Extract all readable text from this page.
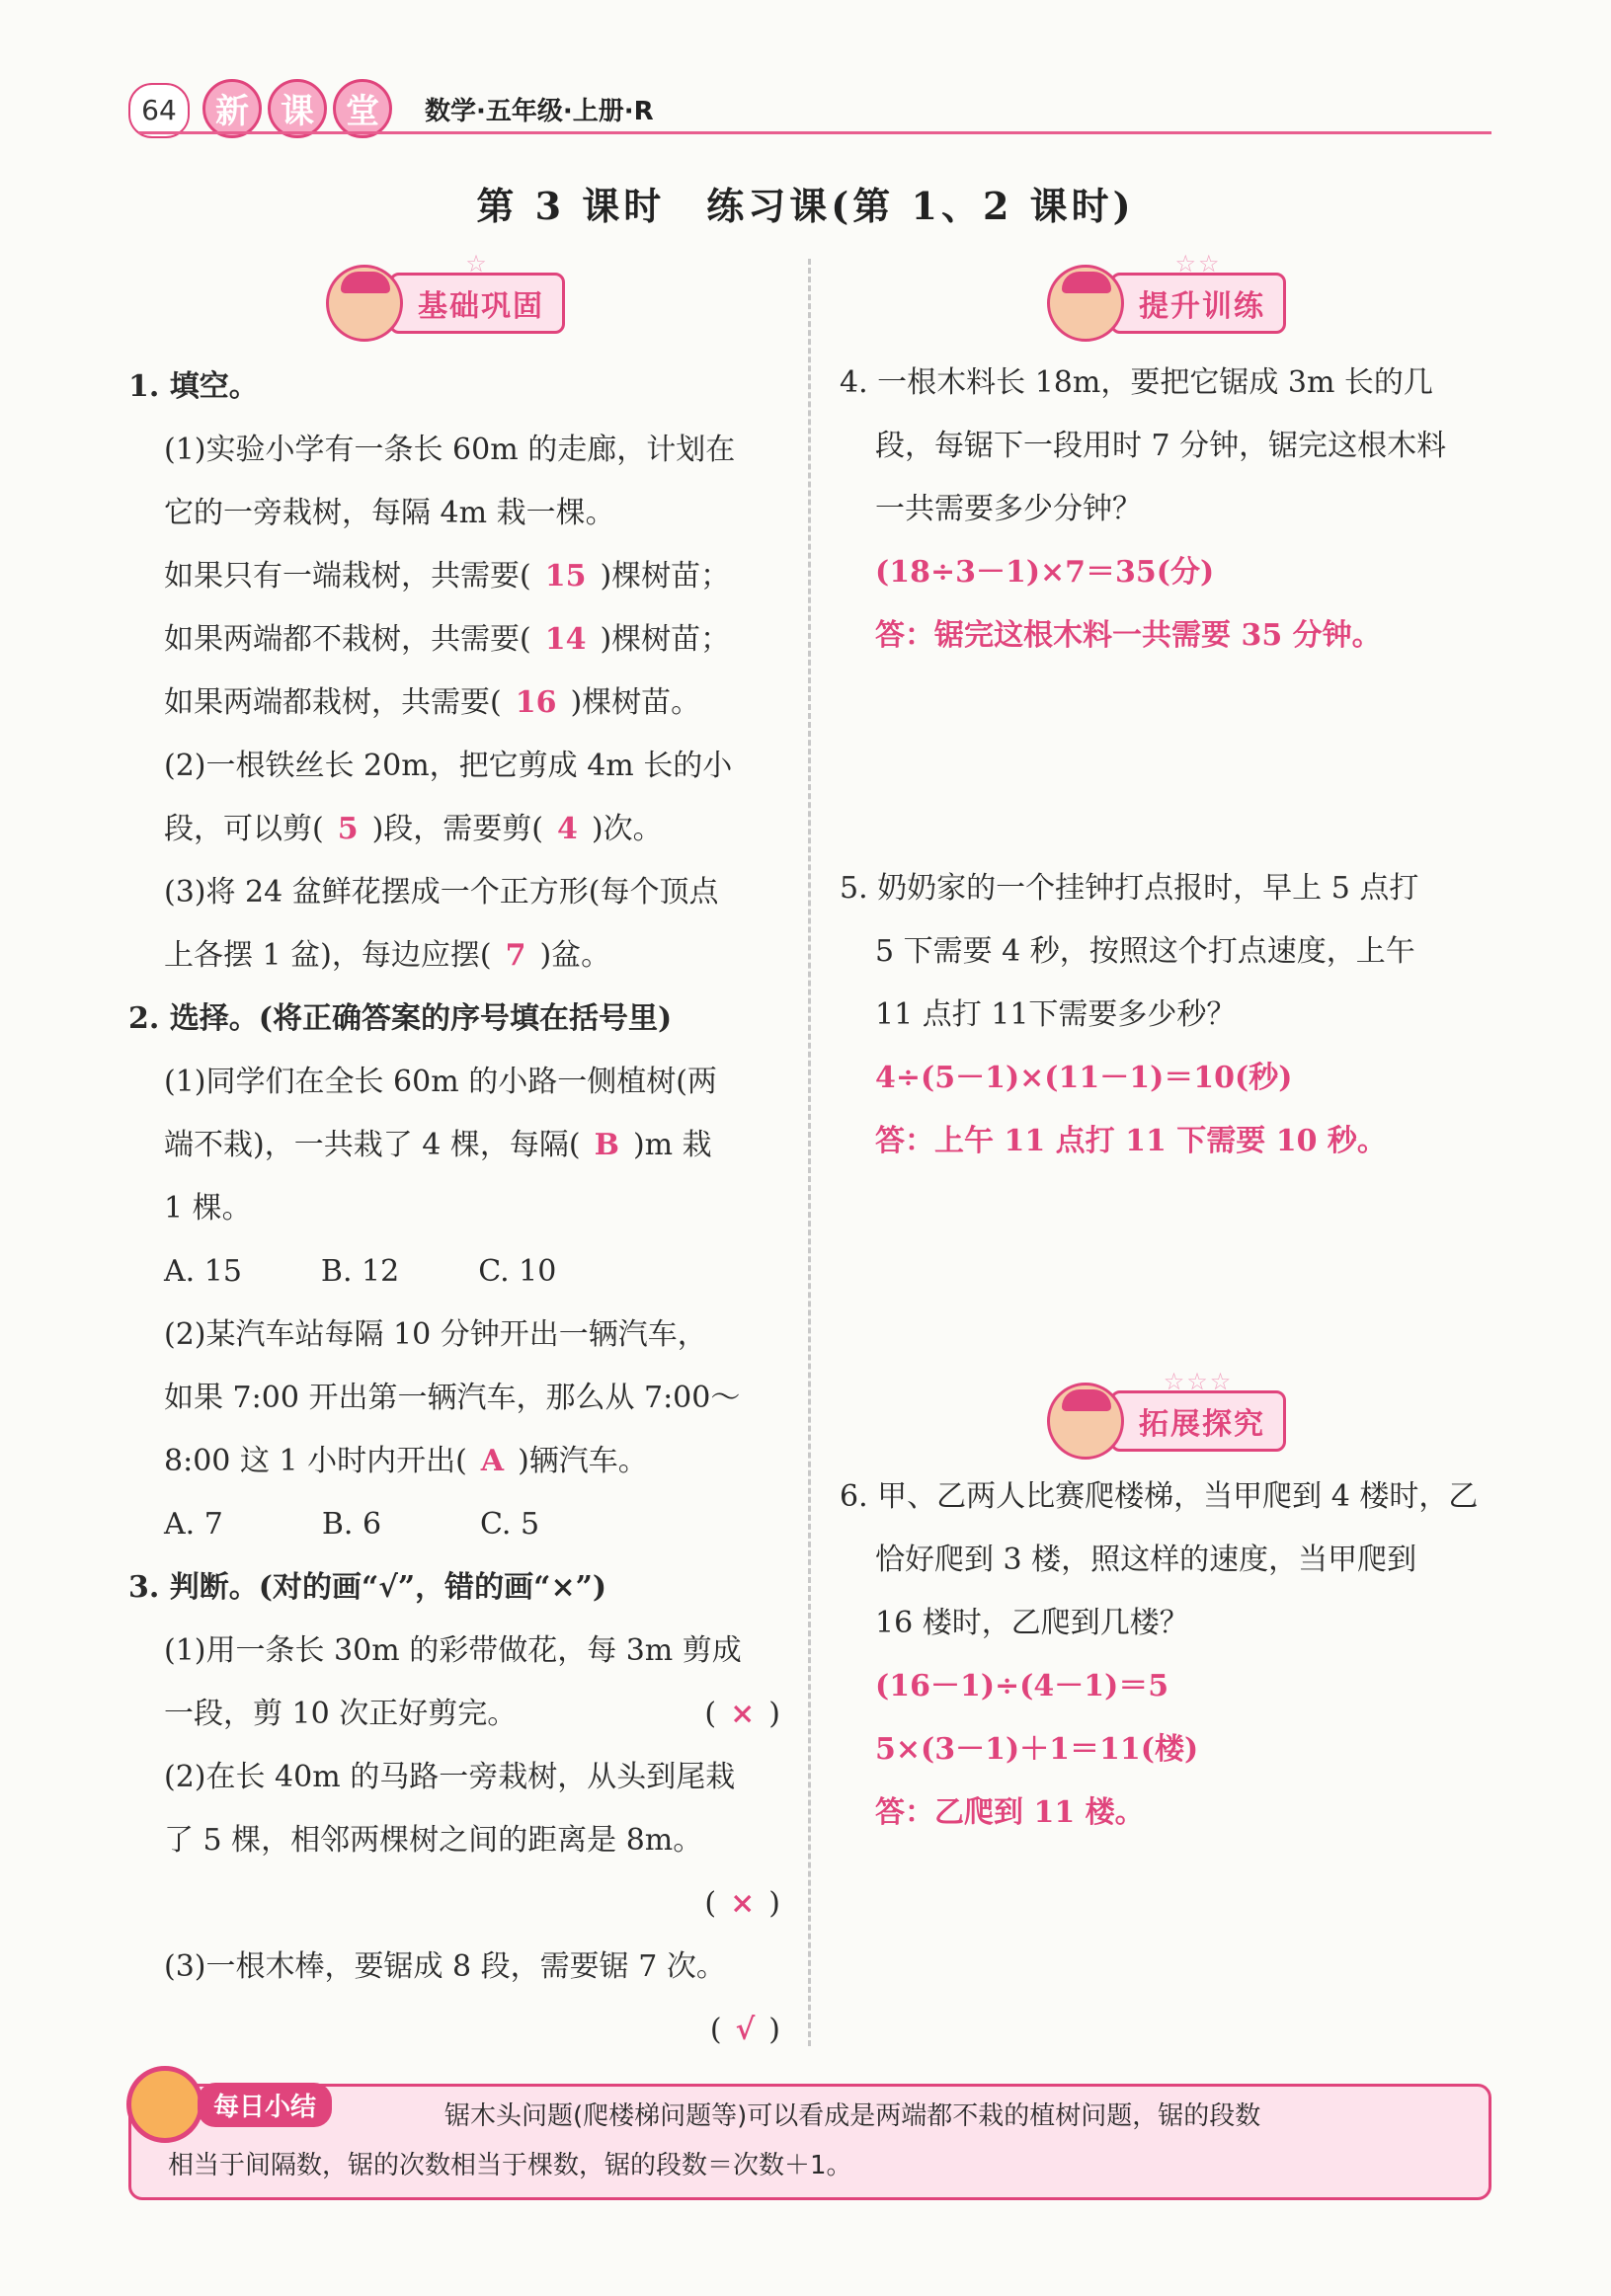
64	新 课 堂	数学·五年级·上册·R
第 3 课时　练习课(第 1、2 课时)
☆
基础巩固
1. 填空。
(1)实验小学有一条长 60m 的走廊，计划在
它的一旁栽树，每隔 4m 栽一棵。
如果只有一端栽树，共需要( 15 )棵树苗；
如果两端都不栽树，共需要( 14 )棵树苗；
如果两端都栽树，共需要( 16 )棵树苗。
(2)一根铁丝长 20m，把它剪成 4m 长的小
段，可以剪( 5 )段，需要剪( 4 )次。
(3)将 24 盆鲜花摆成一个正方形(每个顶点
上各摆 1 盆)，每边应摆( 7 )盆。
2. 选择。(将正确答案的序号填在括号里)
(1)同学们在全长 60m 的小路一侧植树(两
端不栽)，一共栽了 4 棵，每隔( B )m 栽
1 棵。
A. 15	B. 12	C. 10
(2)某汽车站每隔 10 分钟开出一辆汽车，
如果 7:00 开出第一辆汽车，那么从 7:00～
8:00 这 1 小时内开出( A )辆汽车。
A. 7	B. 6	C. 5
3. 判断。(对的画“√”，错的画“×”)
(1)用一条长 30m 的彩带做花，每 3m 剪成
一段，剪 10 次正好剪完。	( × )
(2)在长 40m 的马路一旁栽树，从头到尾栽
了 5 棵，相邻两棵树之间的距离是 8m。
( × )
(3)一根木棒，要锯成 8 段，需要锯 7 次。
( √ )
☆☆
提升训练
4. 一根木料长 18m，要把它锯成 3m 长的几
段，每锯下一段用时 7 分钟，锯完这根木料
一共需要多少分钟？
(18÷3－1)×7＝35(分)
答：锯完这根木料一共需要 35 分钟。
5. 奶奶家的一个挂钟打点报时，早上 5 点打
5 下需要 4 秒，按照这个打点速度，上午
11 点打 11下需要多少秒？
4÷(5－1)×(11－1)＝10(秒)
答：上午 11 点打 11 下需要 10 秒。
☆☆☆
拓展探究
6. 甲、乙两人比赛爬楼梯，当甲爬到 4 楼时，乙
恰好爬到 3 楼，照这样的速度，当甲爬到
16 楼时，乙爬到几楼？
(16－1)÷(4－1)＝5
5×(3－1)＋1＝11(楼)
答：乙爬到 11 楼。
每日小结	锯木头问题(爬楼梯问题等)可以看成是两端都不栽的植树问题，锯的段数
相当于间隔数，锯的次数相当于棵数，锯的段数＝次数＋1。
